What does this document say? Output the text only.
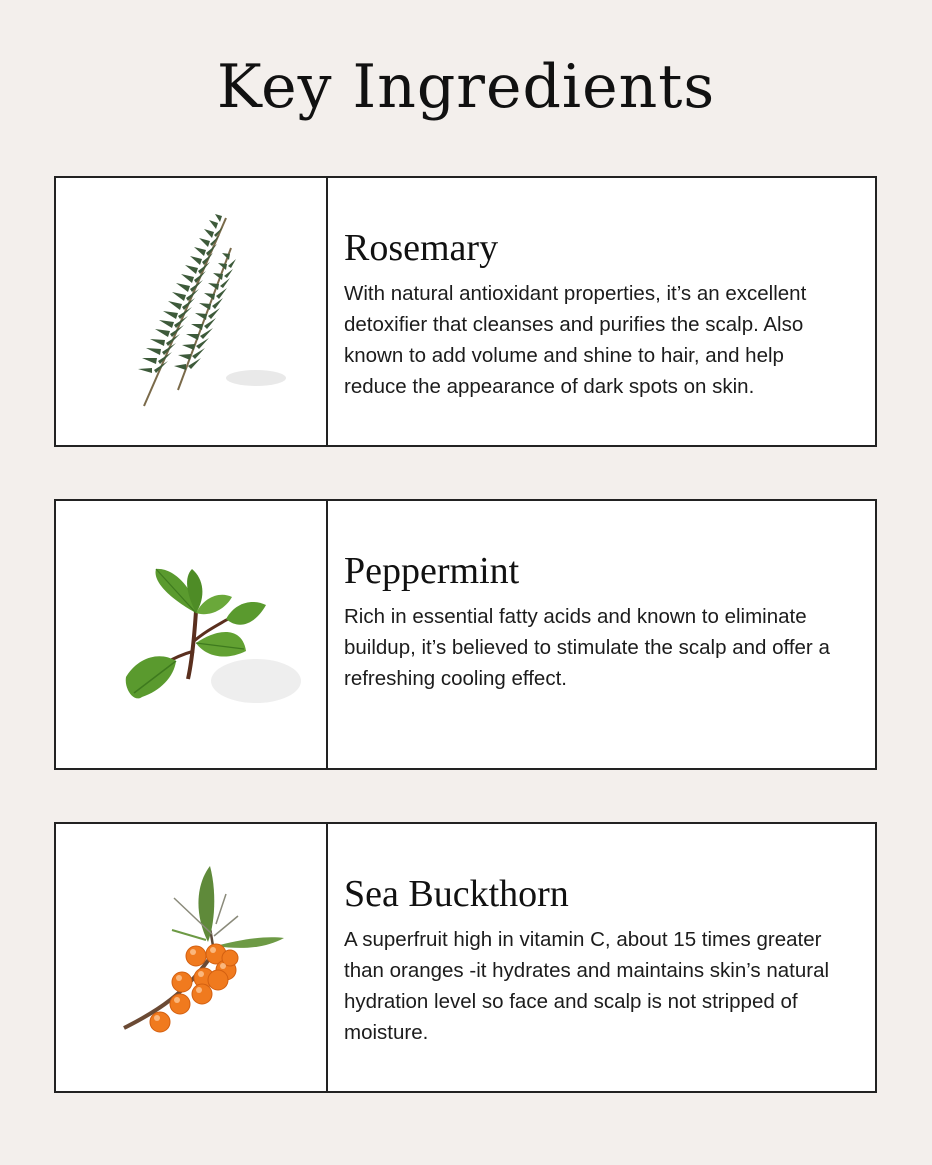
Key Ingredients
Rosemary

With natural antioxidant properties, it’s an excellent detoxifier that cleanses and purifies the scalp. Also known to add volume and shine to hair, and help reduce the appearance of dark spots on skin.

Peppermint

Rich in essential fatty acids and known to eliminate buildup, it’s believed to stimulate the scalp and offer a refreshing cooling effect.

Sea Buckthorn

A superfruit high in vitamin C, about 15 times greater than oranges -it hydrates and maintains skin’s natural hydration level so face and scalp is not stripped of moisture.
